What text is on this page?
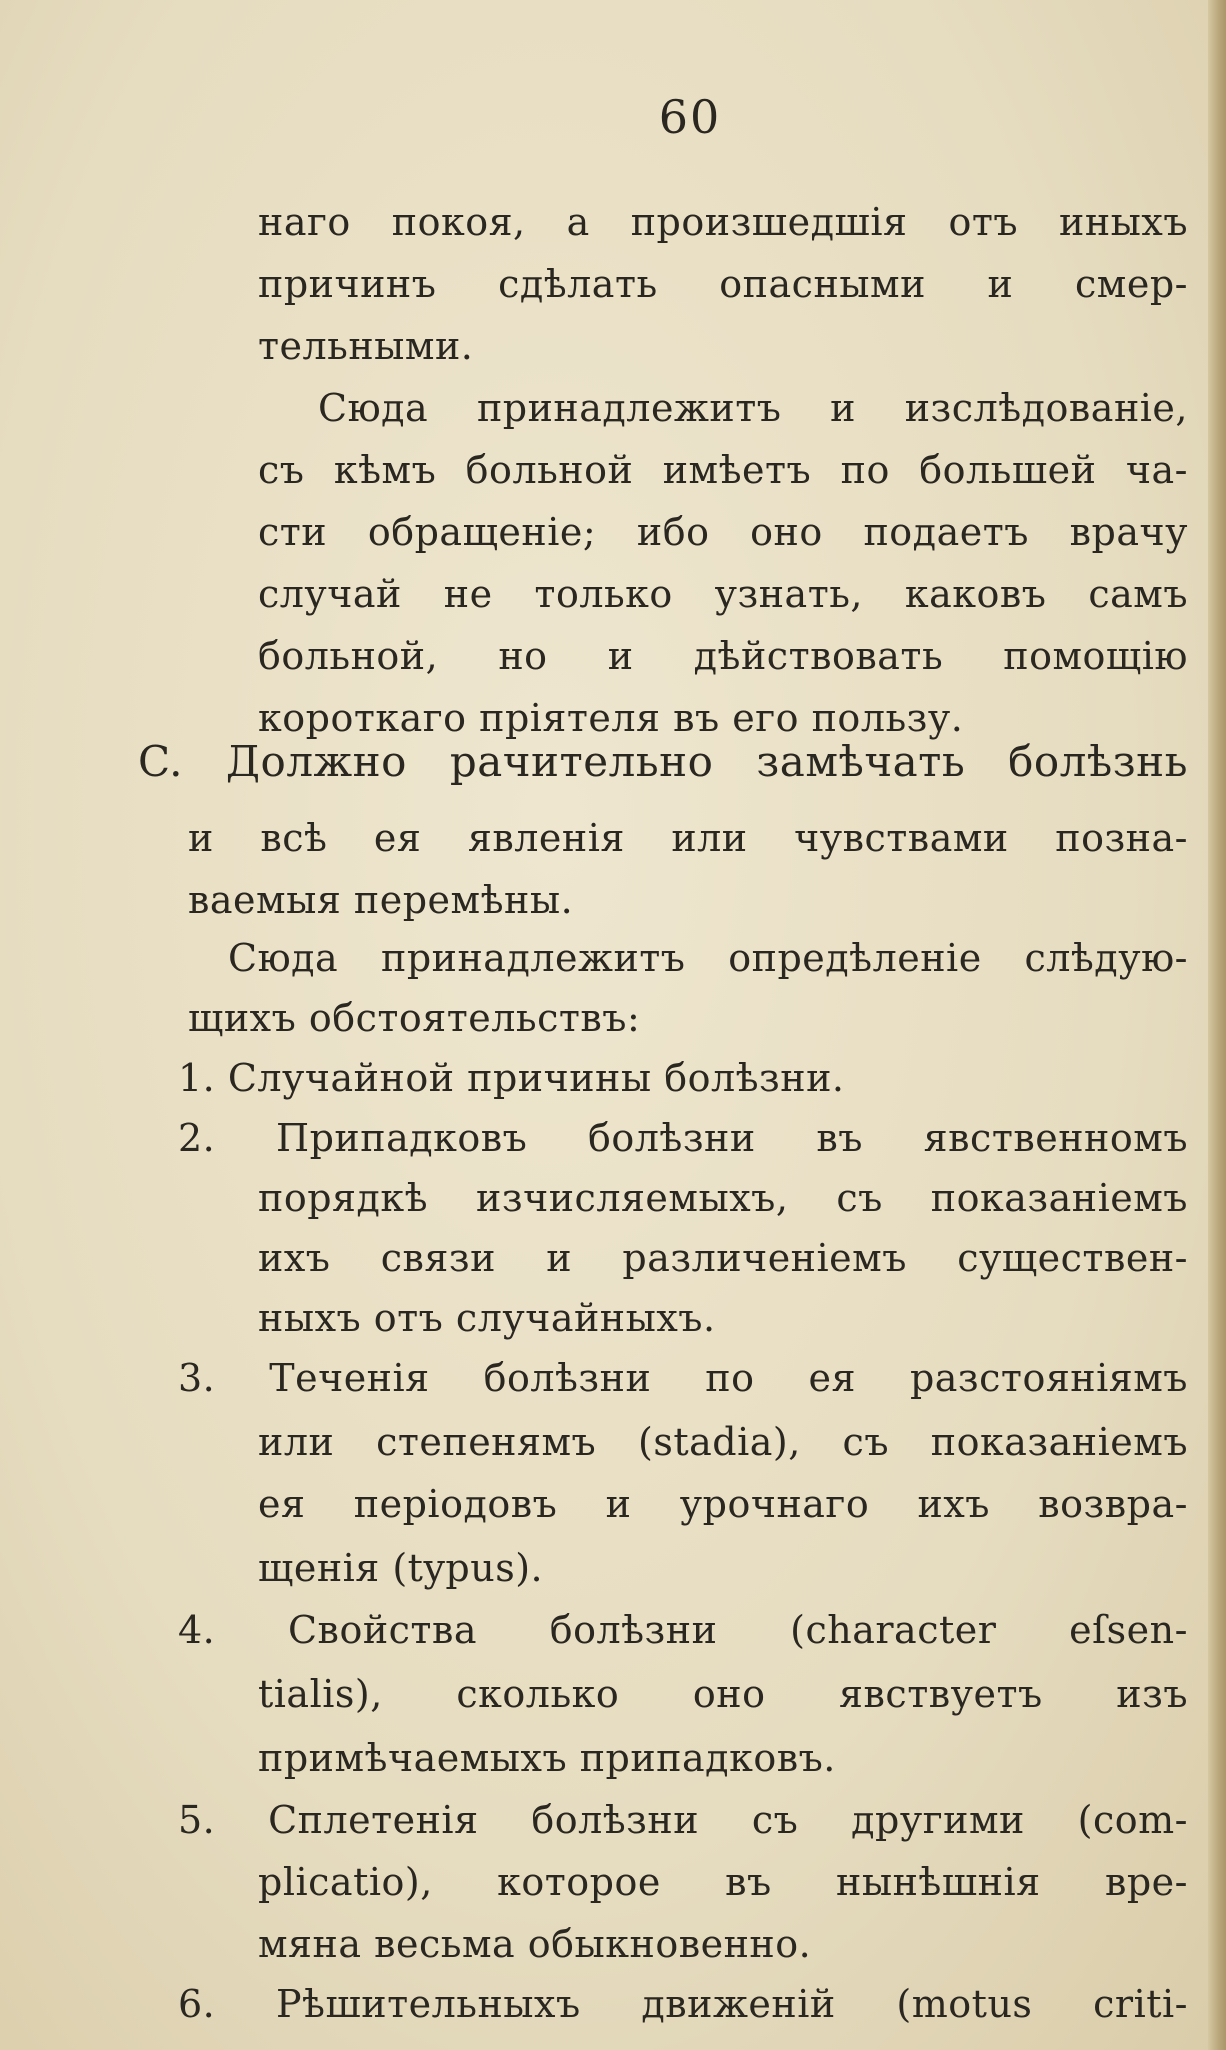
60
наго покоя, а произшедшія отъ иныхъ
причинъ сдѣлать опасными и смер-
тельными.
Сюда принадлежитъ и изслѣдованіе,
съ кѣмъ больной имѣетъ по большей ча-
сти обращеніе; ибо оно подаетъ врачу
случай не только узнать, каковъ самъ
больной, но и дѣйствовать помощію
короткаго пріятеля въ его пользу.
C. Должно рачительно замѣчать болѣзнь
и всѣ ея явленія или чувствами позна-
ваемыя перемѣны.
Сюда принадлежитъ опредѣленіе слѣдую-
щихъ обстоятельствъ:
1. Случайной причины болѣзни.
2. Припадковъ болѣзни въ явственномъ
порядкѣ изчисляемыхъ, съ показаніемъ
ихъ связи и различеніемъ существен-
ныхъ отъ случайныхъ.
3. Теченія болѣзни по ея разстояніямъ
или степенямъ (stadia), съ показаніемъ
ея періодовъ и урочнаго ихъ возвра-
щенія (typus).
4. Свойства болѣзни (character eſsen-
tialis), сколько оно явствуетъ изъ
примѣчаемыхъ припадковъ.
5. Сплетенія болѣзни съ другими (com-
plicatio), которое въ нынѣшнія вре-
мяна весьма обыкновенно.
6. Рѣшительныхъ движеній (motus criti-
